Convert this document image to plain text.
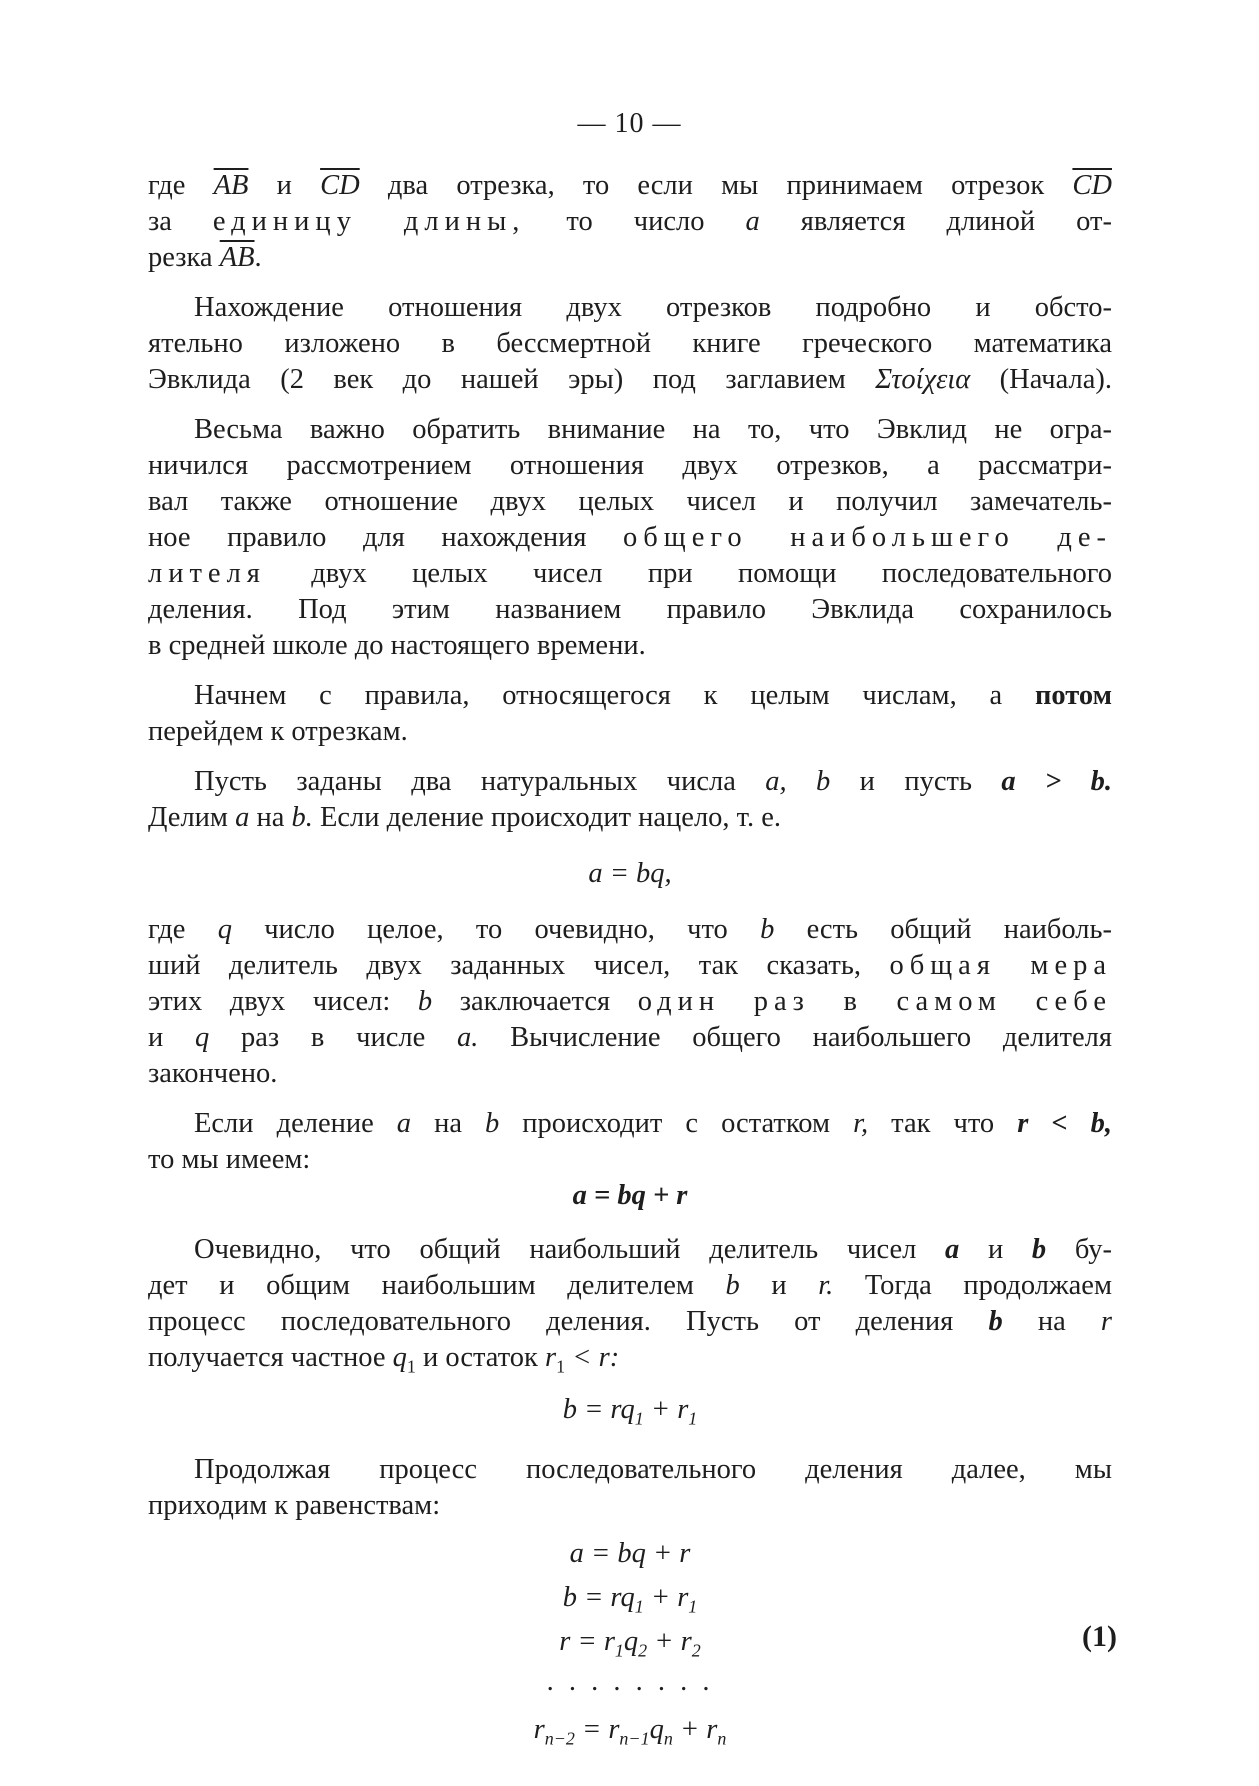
— 10 —
где $\overline{AB}$ и $\overline{CD}$ два отрезка, то если мы принимаем отрезок $\overline{CD}$
за единицу длины, то число a является длиной от-
резка $\overline{AB}$.
Нахождение отношения двух отрезков подробно и обсто-
ятельно изложено в бессмертной книге греческого математика
Эвклида (2 век до нашей эры) под заглавием Στοίχεια (Начала).
Весьма важно обратить внимание на то, что Эвклид не огра-
ничился рассмотрением отношения двух отрезков, а рассматри-
вал также отношение двух целых чисел и получил замечатель-
ное правило для нахождения общего наибольшего де-
лителя двух целых чисел при помощи последовательного
деления. Под этим названием правило Эвклида сохранилось
в средней школе до настоящего времени.
Начнем с правила, относящегося к целым числам, а потом
перейдем к отрезкам.
Пусть заданы два натуральных числа a, b и пусть a > b.
Делим a на b. Если деление происходит нацело, т. е.
a = bq,
где q число целое, то очевидно, что b есть общий наиболь-
ший делитель двух заданных чисел, так сказать, общая мера
этих двух чисел: b заключается один раз в самом себе
и q раз в числе a. Вычисление общего наибольшего делителя
закончено.
Если деление a на b происходит с остатком r, так что r < b,
то мы имеем:
a = bq + r
Очевидно, что общий наибольший делитель чисел a и b бу-
дет и общим наибольшим делителем b и r. Тогда продолжаем
процесс последовательного деления. Пусть от деления b на r
получается частное $q_1$ и остаток $r_1 < r$:
$b = rq_1 + r_1$
Продолжая процесс последовательного деления далее, мы
приходим к равенствам:
a = bq + r
$b = rq_1 + r_1$
$r = r_1q_2 + r_2$	(1)
. . . . . . . .
$r_{n-2} = r_{n-1}q_n + r_n$
